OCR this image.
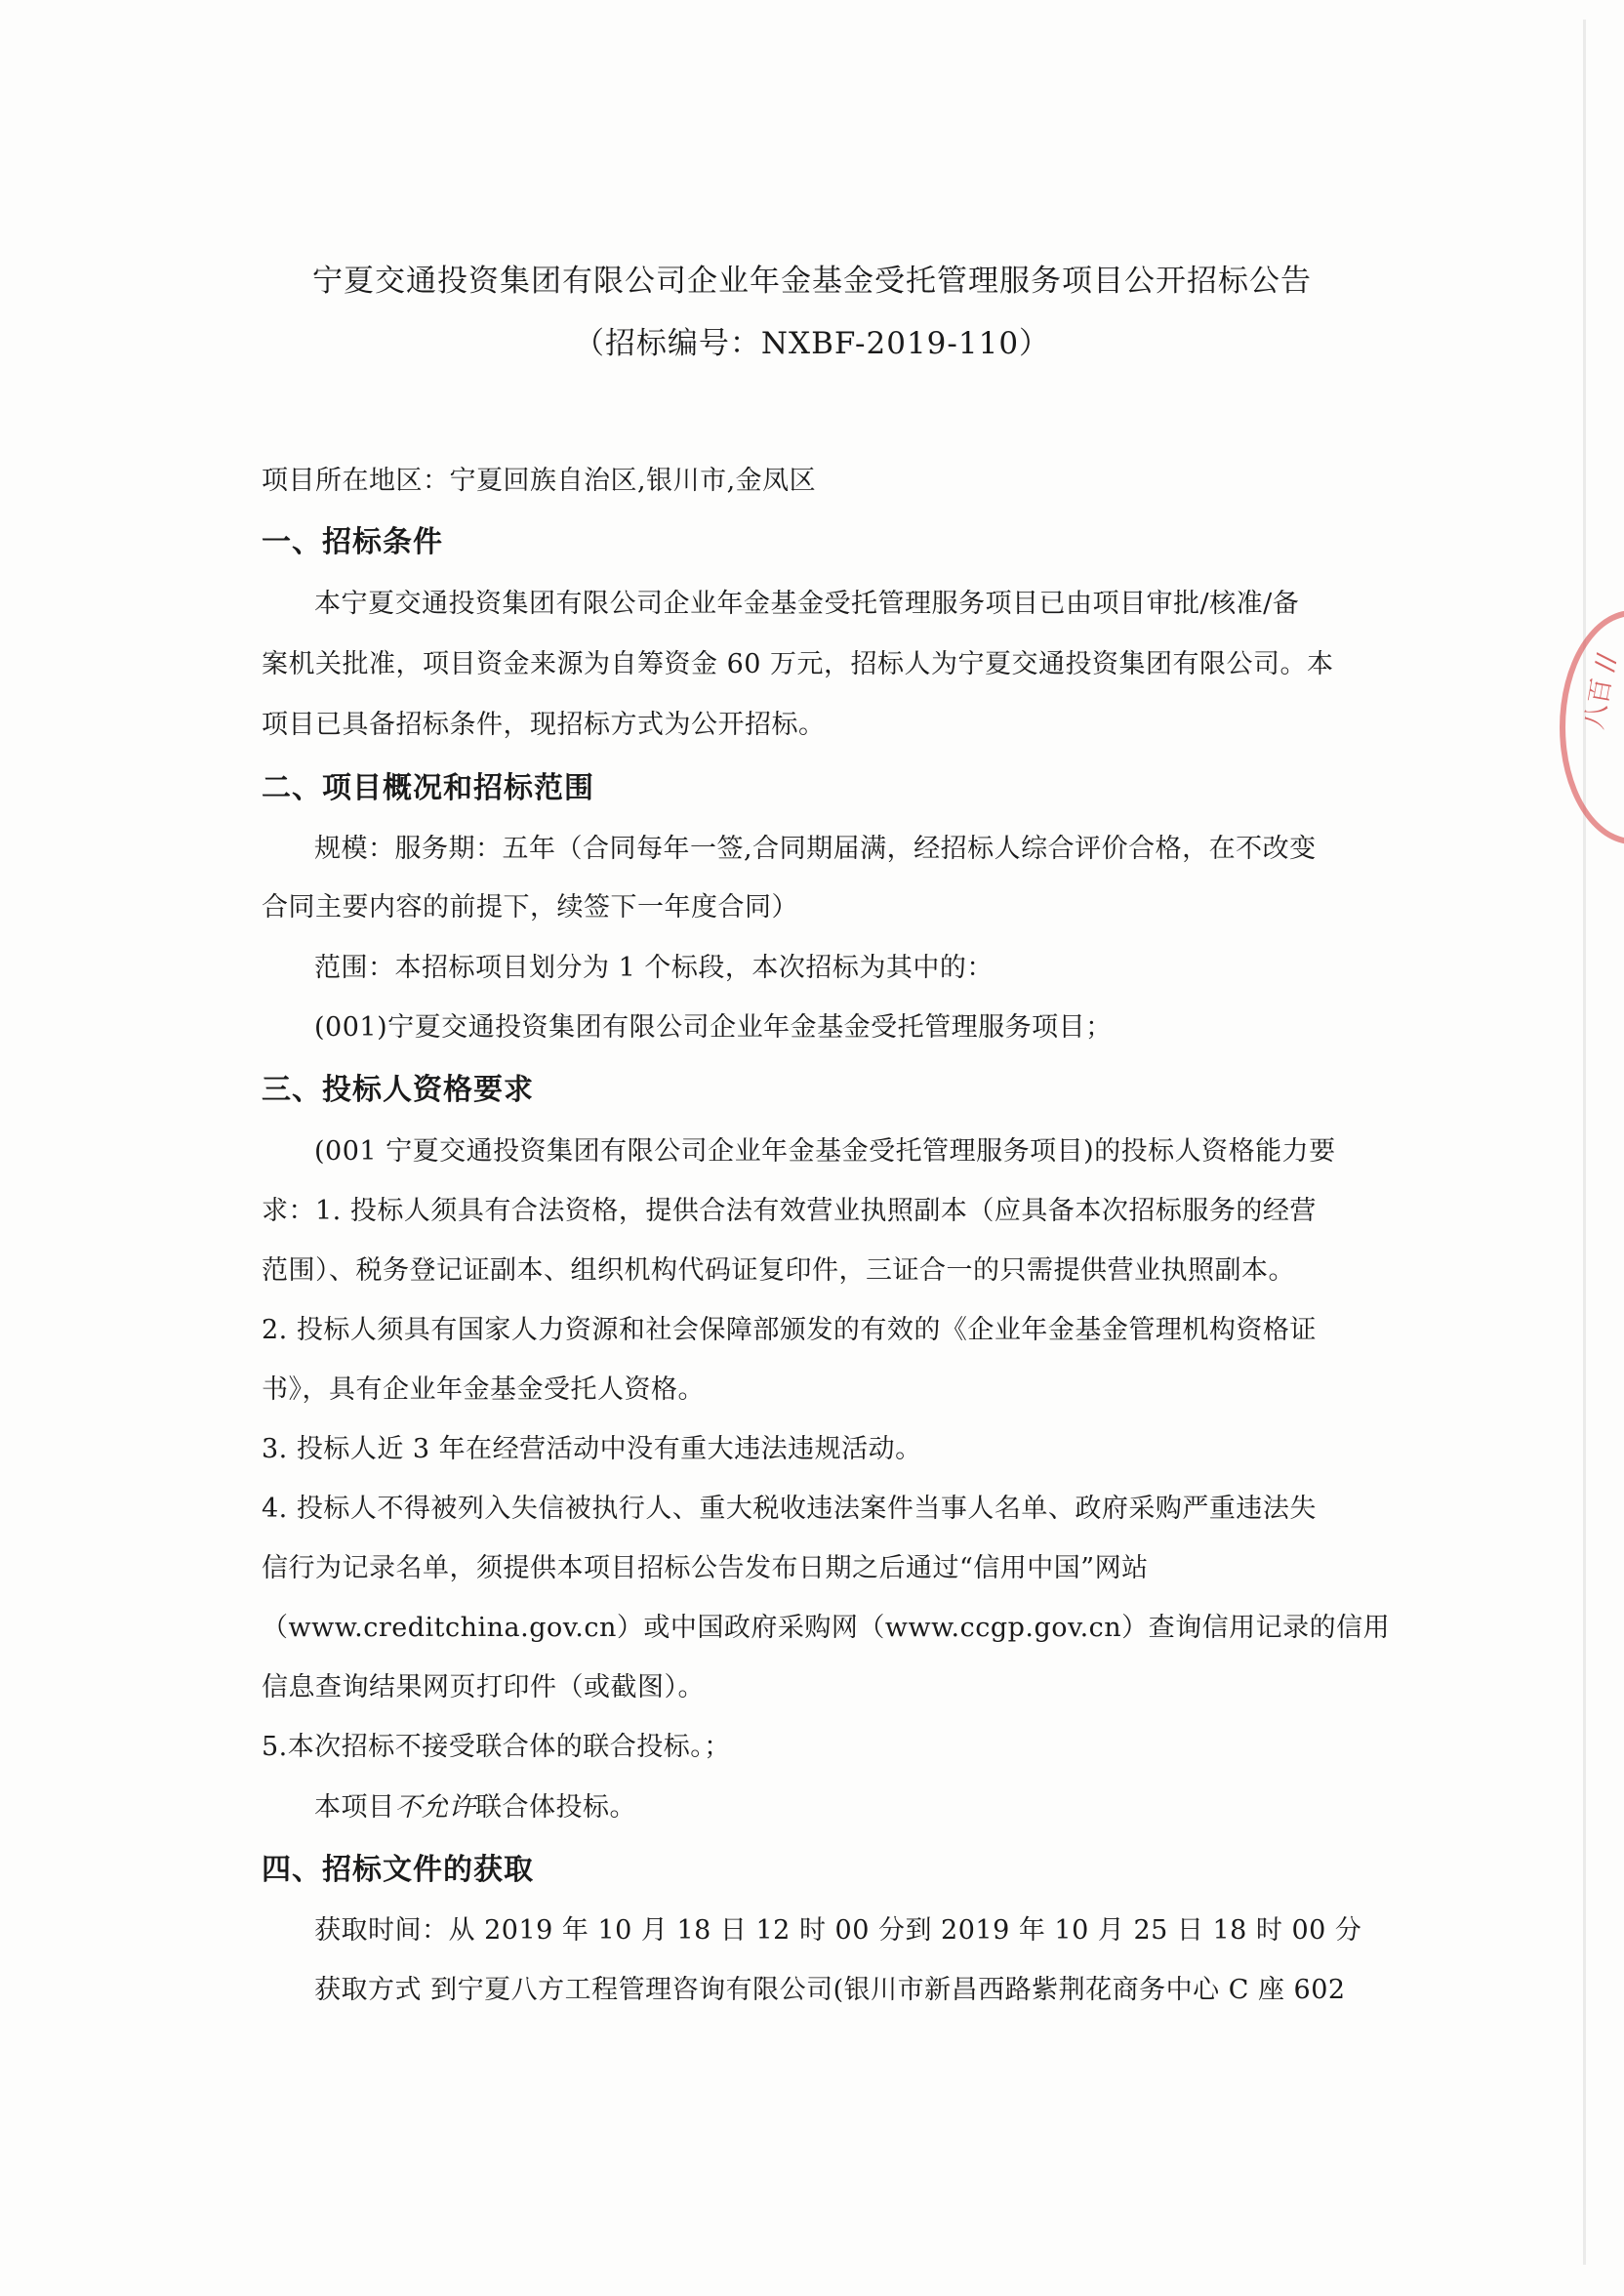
宁夏交通投资集团有限公司企业年金基金受托管理服务项目公开招标公告
（招标编号：NXBF-2019-110）
项目所在地区：宁夏回族自治区,银川市,金凤区
一、招标条件
本宁夏交通投资集团有限公司企业年金基金受托管理服务项目已由项目审批/核准/备
案机关批准，项目资金来源为自筹资金 60 万元，招标人为宁夏交通投资集团有限公司。本
项目已具备招标条件，现招标方式为公开招标。
二、项目概况和招标范围
规模：服务期：五年（合同每年一签,合同期届满，经招标人综合评价合格，在不改变
合同主要内容的前提下，续签下一年度合同）
范围：本招标项目划分为 1 个标段，本次招标为其中的：
(001)宁夏交通投资集团有限公司企业年金基金受托管理服务项目；
三、投标人资格要求
(001 宁夏交通投资集团有限公司企业年金基金受托管理服务项目)的投标人资格能力要
求：1. 投标人须具有合法资格，提供合法有效营业执照副本（应具备本次招标服务的经营
范围）、税务登记证副本、组织机构代码证复印件，三证合一的只需提供营业执照副本。
2. 投标人须具有国家人力资源和社会保障部颁发的有效的《企业年金基金管理机构资格证
书》，具有企业年金基金受托人资格。
3. 投标人近 3 年在经营活动中没有重大违法违规活动。
4. 投标人不得被列入失信被执行人、重大税收违法案件当事人名单、政府采购严重违法失
信行为记录名单，须提供本项目招标公告发布日期之后通过“信用中国”网站
（www.creditchina.gov.cn）或中国政府采购网（www.ccgp.gov.cn）查询信用记录的信用
信息查询结果网页打印件（或截图）。
5.本次招标不接受联合体的联合投标。；
本项目不允许联合体投标。
四、招标文件的获取
获取时间：从 2019 年 10 月 18 日 12 时 00 分到 2019 年 10 月 25 日 18 时 00 分
获取方式 到宁夏八方工程管理咨询有限公司(银川市新昌西路紫荆花商务中心 C 座 602
八百 //
